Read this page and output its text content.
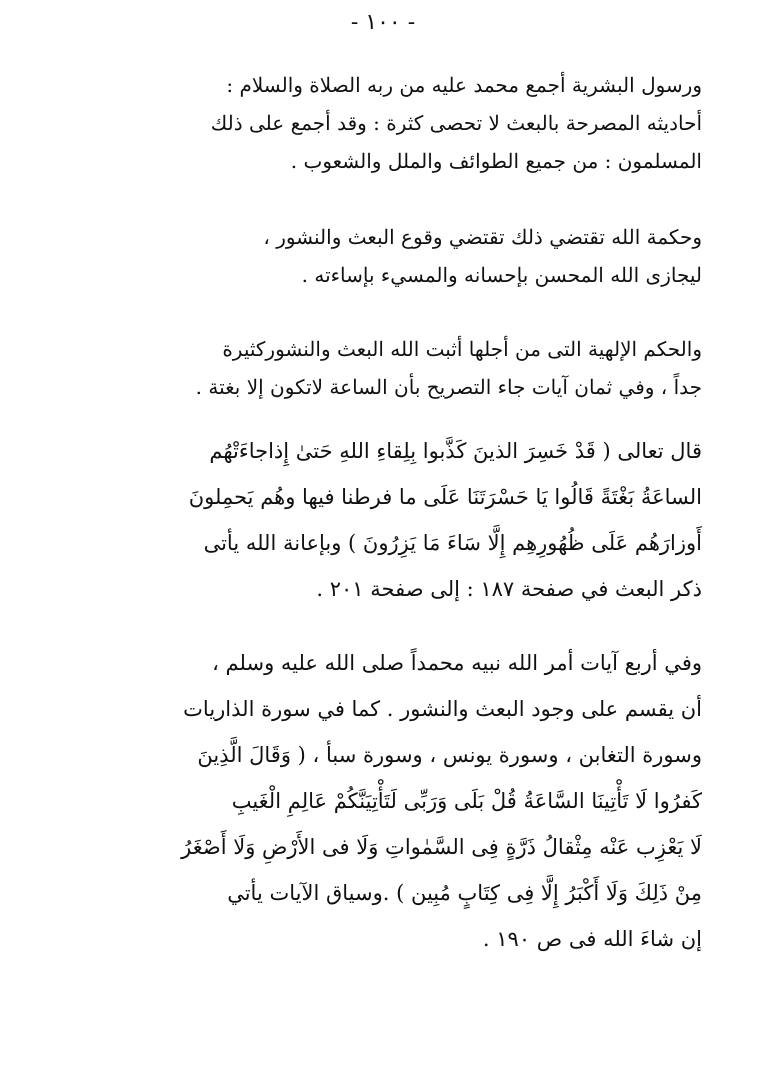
- ١٠٠ -
ورسول البشرية أجمع محمد عليه من ربه الصلاة والسلام :
أحاديثه المصرحة بالبعث لا تحصى كثرة : وقد أجمع على ذلك
المسلمون : من جميع الطوائف والملل والشعوب .
وحكمة الله تقتضي ذلك تقتضي وقوع البعث والنشور ،
ليجازى الله المحسن بإحسانه والمسيء بإساءته .
والحكم الإلهية التى من أجلها أثبت الله البعث والنشوركثيرة
جداً ، وفي ثمان آيات جاء التصريح بأن الساعة لاتكون إلا بغتة .
قال تعالى ( قَدْ خَسِرَ الذينَ كَذَّبوا بِلِقاءِ اللهِ حَتىٰ إِذاجاءَتْهُم
الساعَةُ بَغْتَةً قَالُوا يَا حَسْرَتَنَا عَلَى ما فرطنا فيها وهُم يَحمِلونَ
أَوزارَهُم عَلَى ظُهُورِهِم إِلَّا سَاءَ مَا يَزِرُونَ ) وبإعانة الله يأتى
ذكر البعث في صفحة ١٨٧ : إلى صفحة ٢٠١ .
وفي أربع آيات أمر الله نبيه محمداً صلى الله عليه وسلم ،
أن يقسم على وجود البعث والنشور . كما في سورة الذاريات
وسورة التغابن ، وسورة يونس ، وسورة سبأ ، ( وَقَالَ الَّذِينَ
كَفرُوا لَا تَأْتِينَا السَّاعَةُ قُلْ بَلَى وَرَبِّى لَتَأْتِيَنَّكُمْ عَالِمِ الْغَيبِ
لَا يَعْزِب عَنْه مِثْقالُ ذَرَّةٍ فِى السَّمٰواتِ وَلَا فى الأَرْضِ وَلَا أَصْغَرُ
مِنْ ذَلِكَ وَلَا أَكْبَرُ إِلَّا فِى كِتَابٍ مُبِين ) .وسياق الآيات يأتي
إن شاءَ الله فى ص ١٩٠ .
